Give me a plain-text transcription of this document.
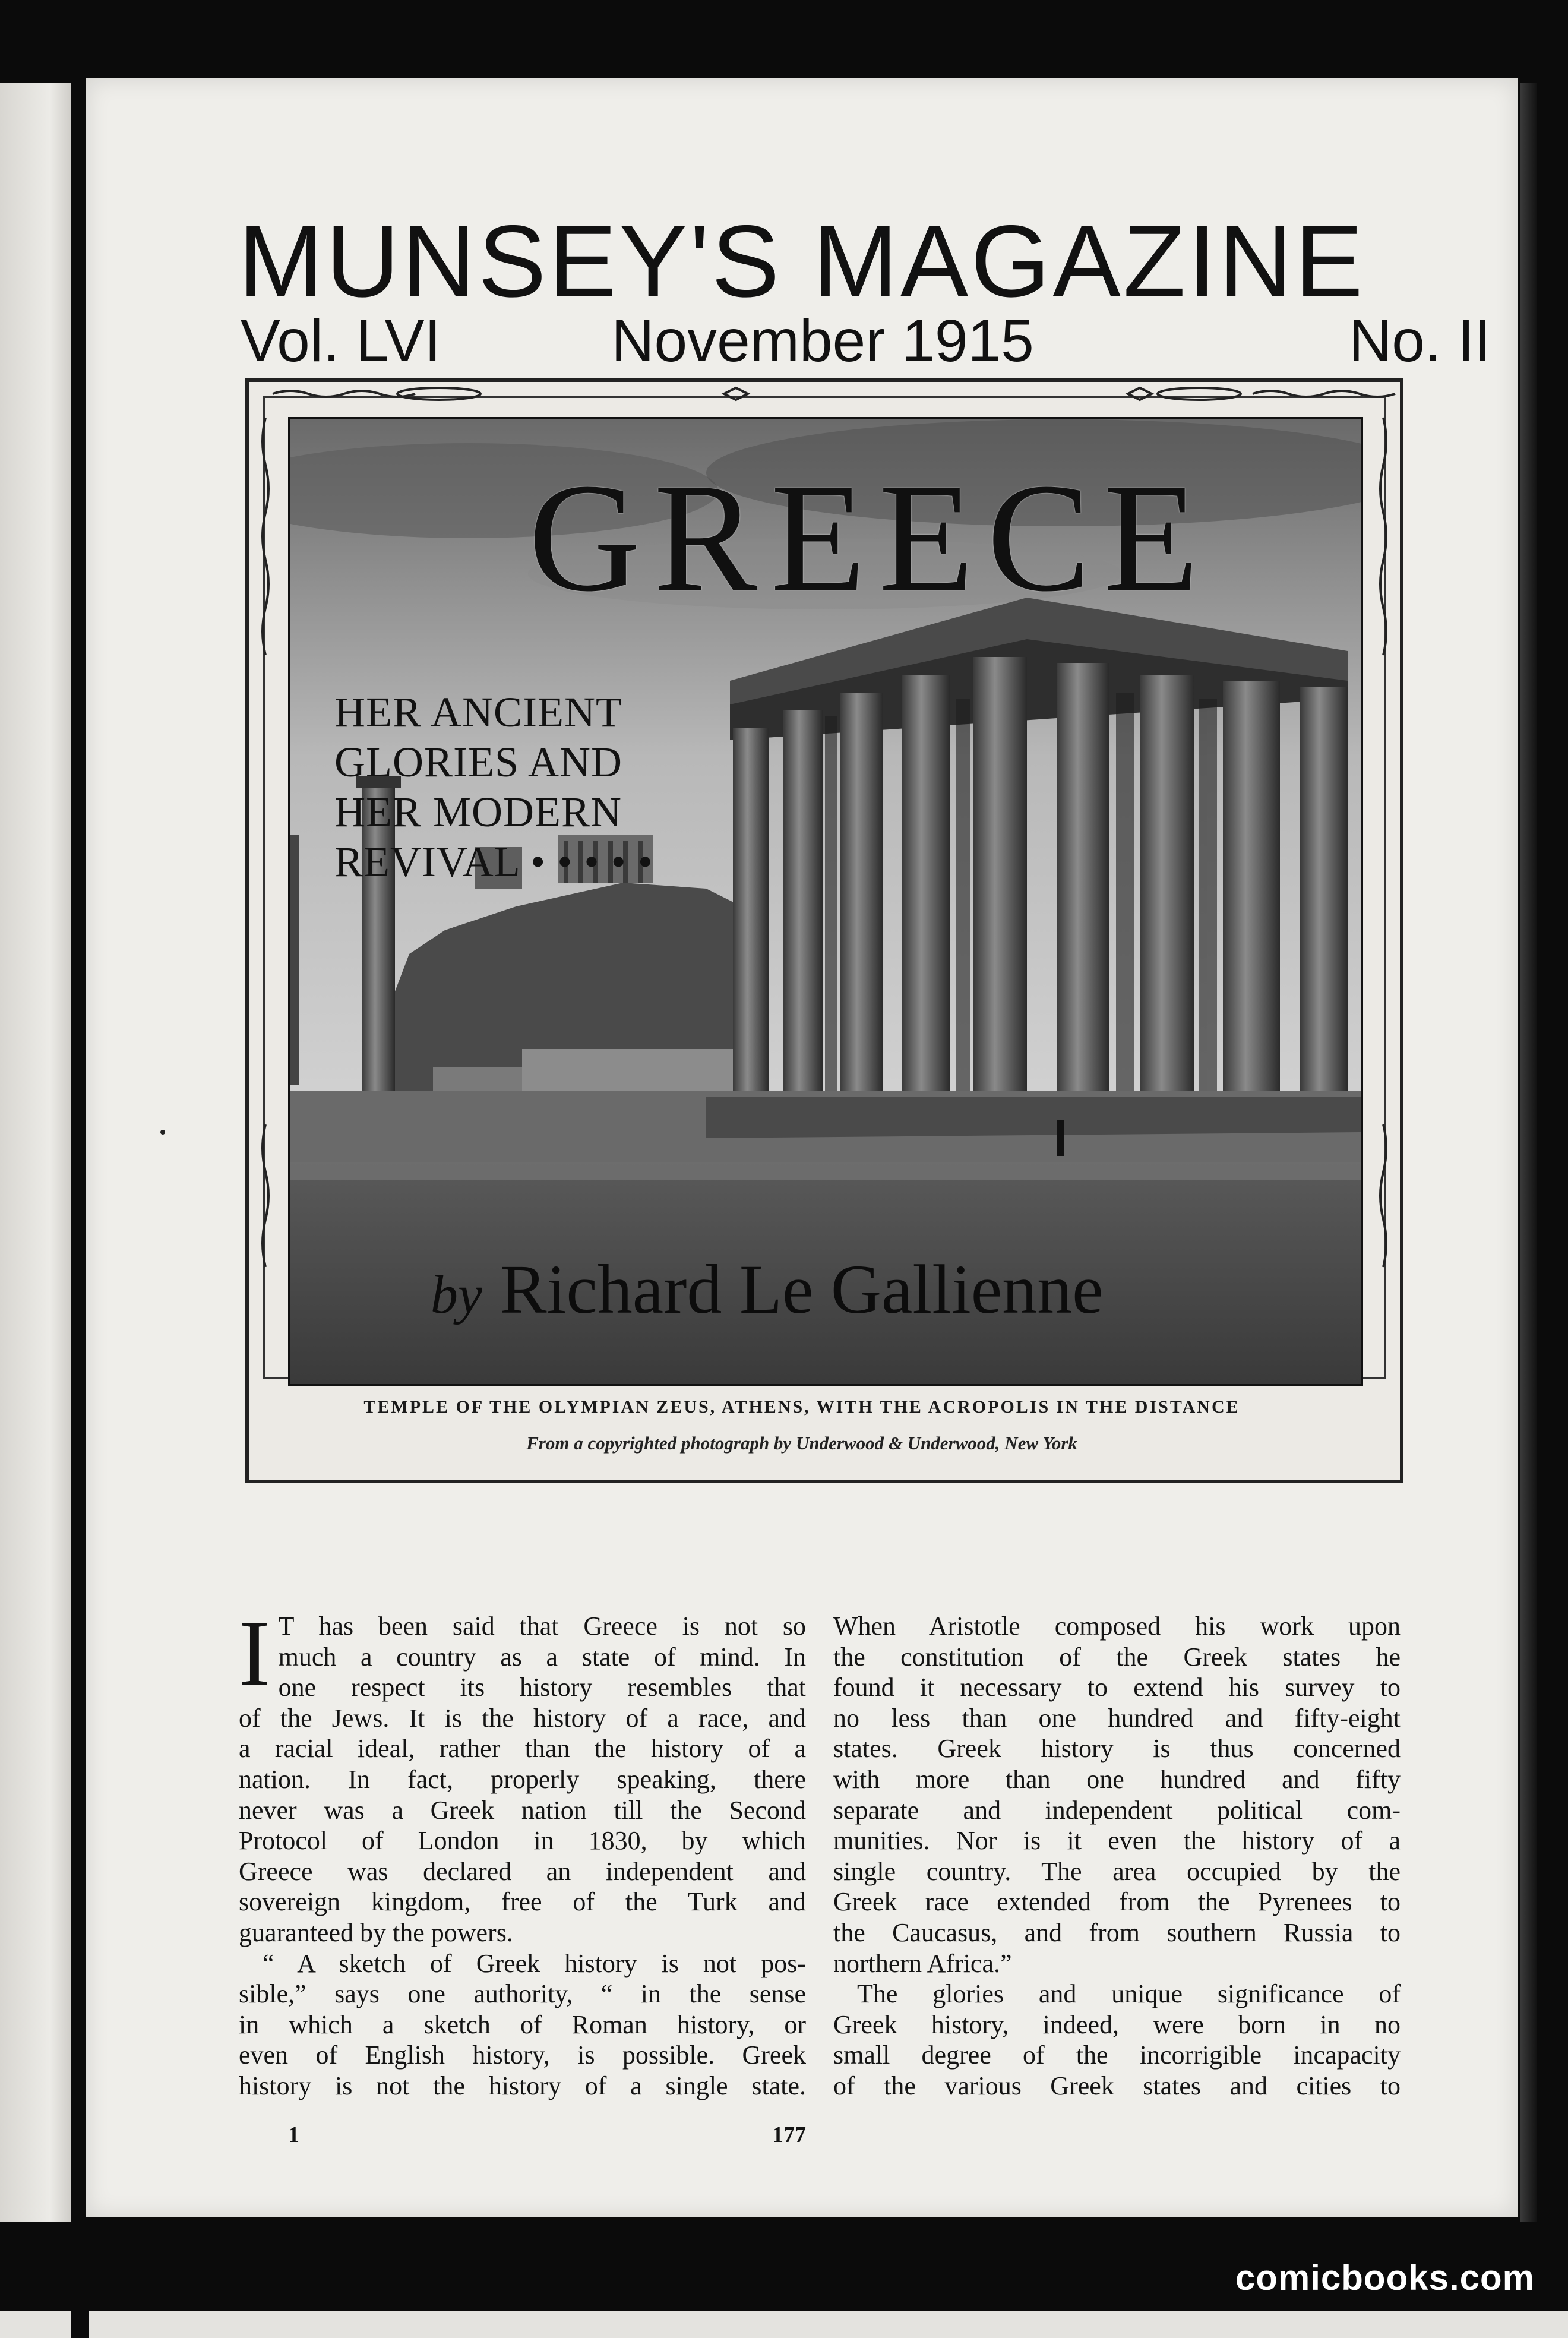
MUNSEY'S MAGAZINE
Vol. LVI	November 1915	No. II
GREECE
HER ANCIENT
GLORIES AND
HER MODERN
REVIVAL • • • • •
by Richard Le Gallienne
TEMPLE OF THE OLYMPIAN ZEUS, ATHENS, WITH THE ACROPOLIS IN THE DISTANCE
From a copyrighted photograph by Underwood & Underwood, New York
I T has been said that Greece is not so
much a country as a state of mind. In
one respect its history resembles that
of the Jews. It is the history of a race, and
a racial ideal, rather than the history of a
nation. In fact, properly speaking, there
never was a Greek nation till the Second
Protocol of London in 1830, by which
Greece was declared an independent and
sovereign kingdom, free of the Turk and
guaranteed by the powers.
“ A sketch of Greek history is not pos-
sible,” says one authority, “ in the sense
in which a sketch of Roman history, or
even of English history, is possible. Greek
history is not the history of a single state.
When Aristotle composed his work upon
the constitution of the Greek states he
found it necessary to extend his survey to
no less than one hundred and fifty-eight
states. Greek history is thus concerned
with more than one hundred and fifty
separate and independent political com-
munities. Nor is it even the history of a
single country. The area occupied by the
Greek race extended from the Pyrenees to
the Caucasus, and from southern Russia to
northern Africa.”
The glories and unique significance of
Greek history, indeed, were born in no
small degree of the incorrigible incapacity
of the various Greek states and cities to
1	177
comicbooks.com
